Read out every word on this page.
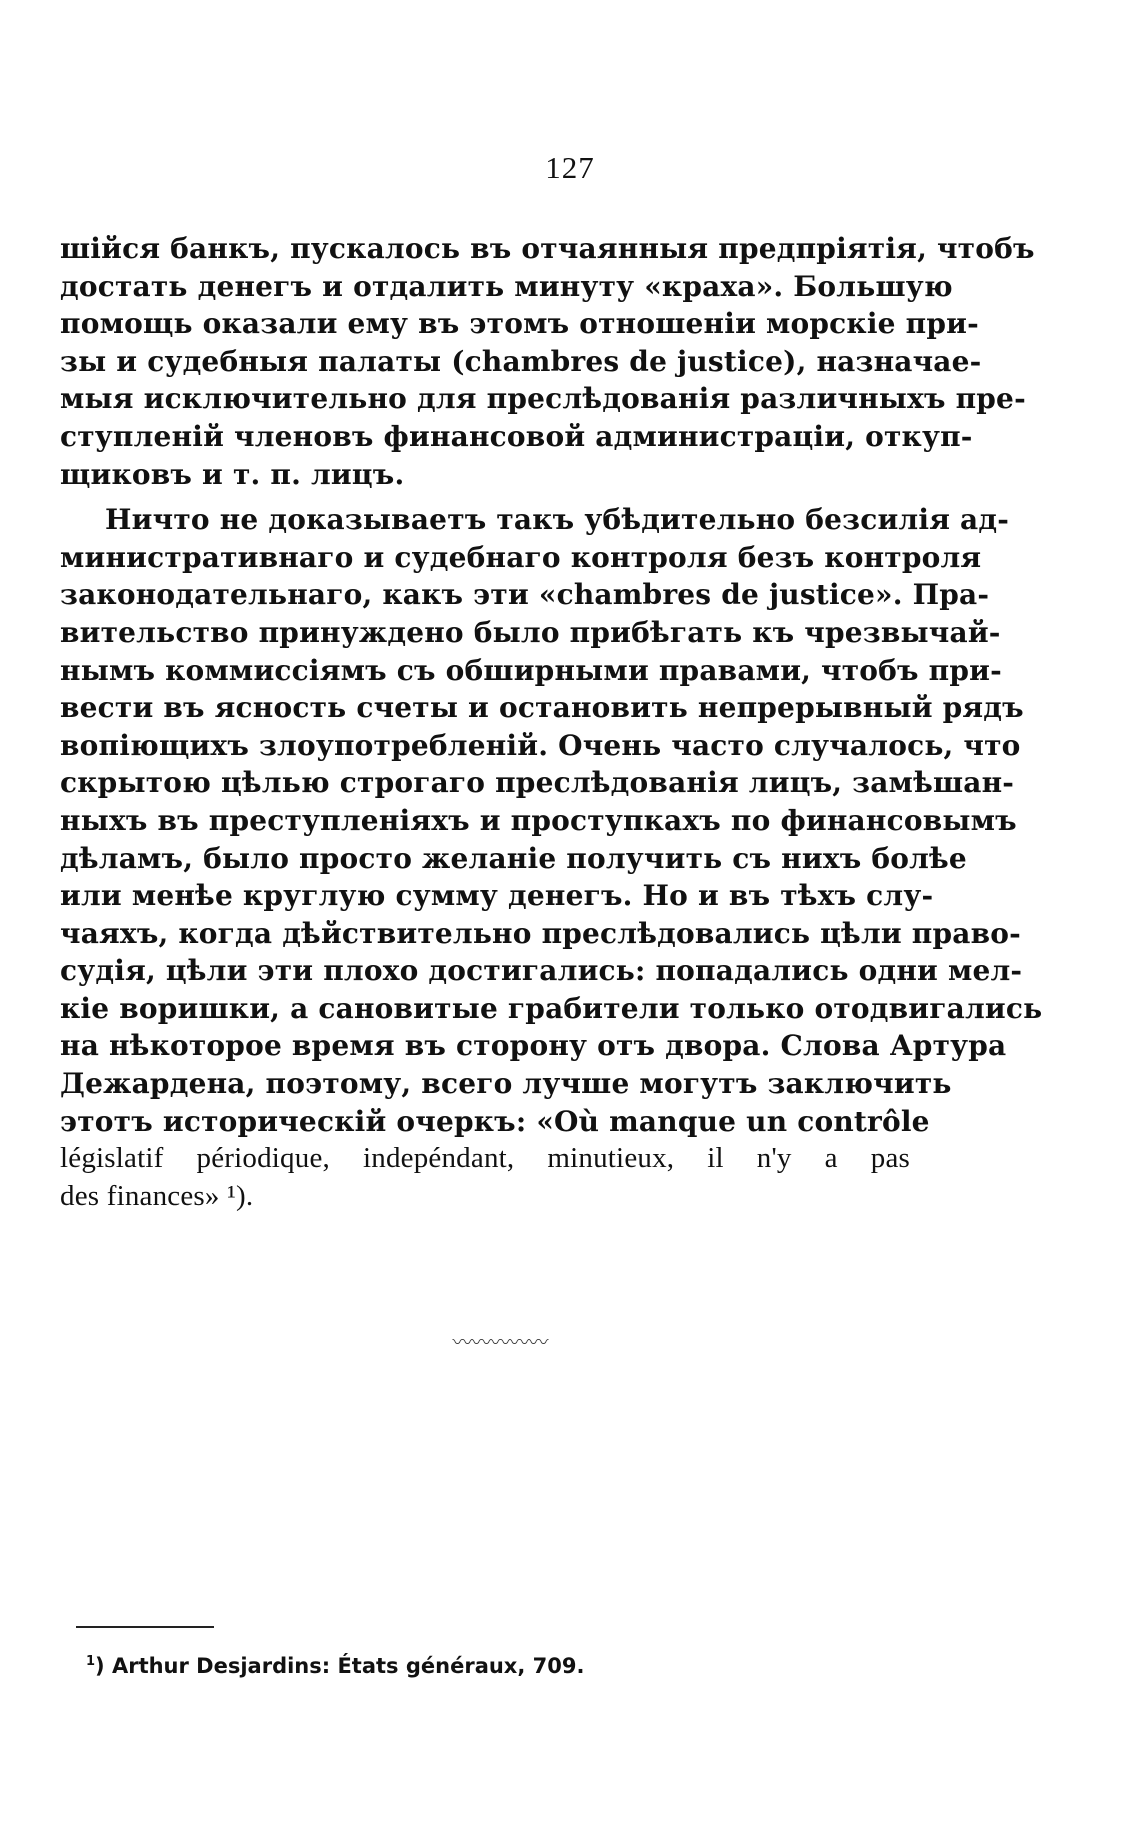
127
шійся банкъ, пускалось въ отчаянныя предпріятія, чтобъ
достать денегъ и отдалить минуту «краха». Большую
помощь оказали ему въ этомъ отношеніи морскіе при-
зы и судебныя палаты (chambres de justice), назначае-
мыя исключительно для преслѣдованія различныхъ пре-
ступленій членовъ финансовой администраціи, откуп-
щиковъ и т. п. лицъ.
Ничто не доказываетъ такъ убѣдительно безсилія ад-
министративнаго и судебнаго контроля безъ контроля
законодательнаго, какъ эти «chambres de justice». Пра-
вительство принуждено было прибѣгать къ чрезвычай-
нымъ коммиссіямъ съ обширными правами, чтобъ при-
вести въ ясность счеты и остановить непрерывный рядъ
вопіющихъ злоупотребленій. Очень часто случалось, что
скрытою цѣлью строгаго преслѣдованія лицъ, замѣшан-
ныхъ въ преступленіяхъ и проступкахъ по финансовымъ
дѣламъ, было просто желаніе получить съ нихъ болѣе
или менѣе круглую сумму денегъ. Но и въ тѣхъ слу-
чаяхъ, когда дѣйствительно преслѣдовались цѣли право-
судія, цѣли эти плохо достигались: попадались одни мел-
кіе воришки, а сановитые грабители только отодвигались
на нѣкоторое время въ сторону отъ двора. Слова Артура
Дежардена, поэтому, всего лучше могутъ заключить
этотъ историческій очеркъ: «Où manque un contrôle
législatif périodique, indepéndant, minutieux, il n'y a pas
des finances» ¹).
〰〰〰〰〰
$^1$) Arthur Desjardins: États généraux, 709.
